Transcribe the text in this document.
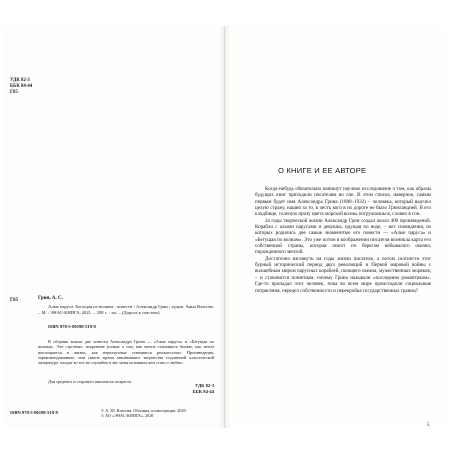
УДК 82-3
ББК 84-44
Г85
Г85	Грин, А. С.
Алые паруса. Бегущая по волнам : повести / Александр Грин ; худож. Анна Власова. – М. : ЭНАС-КНИГА, 2021. – 288 с. : ил. – (Дорога к счастью).
ISBN 978-5-00198-519-8
В сборник вошли две повести Александра Грина — «Алые паруса» и «Бегущая по волнам». Это стрстные, искренние (повые о том, как мечты становятся былью, как мечта воплощается в жизнь, как неразлучные становятся реальностью. Произведения, зарекомендованные, они сквозь время завоёвывают творчества подлинной классической литературе, входят во все не случайно в энс меня истинных кем стать о любви…
Для среднего и старшего школьного возраста.
УДК 82-3
ББК 84-44
ISBN 978-5-00198-519-8	© А. Ю. Власова. Обложка, иллюстрации, 2020
© АО «ЭНАС-КНИГА», 2020
О КНИГЕ И ЕЕ АВТОРЕ

Когда-нибудь обязательно напишут научное исследование о том, как образы будущих книг приходили писателям во сне. В этом списке, наверное, самым первым будет имя Александра Грина (1880–1932) – человека, который выучил целую страну, нацию за то, в честь кого в их дороге не было Гринландией. В его кладбище, соленую прозу цвета морской волны погружаешься, словно в сон.

За годы творческой жизни Александр Грин создал около 400 произведений. Корабли с алыми парусами и девушка, идущая по воде, – вот сновидения, из которых родились две самые знаменитые его повести — «Алые паруса» и «Бегущая по волнам». Это уже потом в воображении писателя возникла карта его собственной страны, которая лежит по берегам небывалого океана, порожденного мечтой.

Достаточно взглянуть на годы жизни писателя, а потом соотнести этот бурный исторический период двух революций и Первой мировой войны с волшебным миром парусных кораблей, поющего океана, мужественных моряков, – и становится понятным, почему Грина называли «последним романтиком». Где-то пропадал этот человек, пока во всем мире происходили социальные потрясения, передел собственности и перекройка государственных границ?

5
